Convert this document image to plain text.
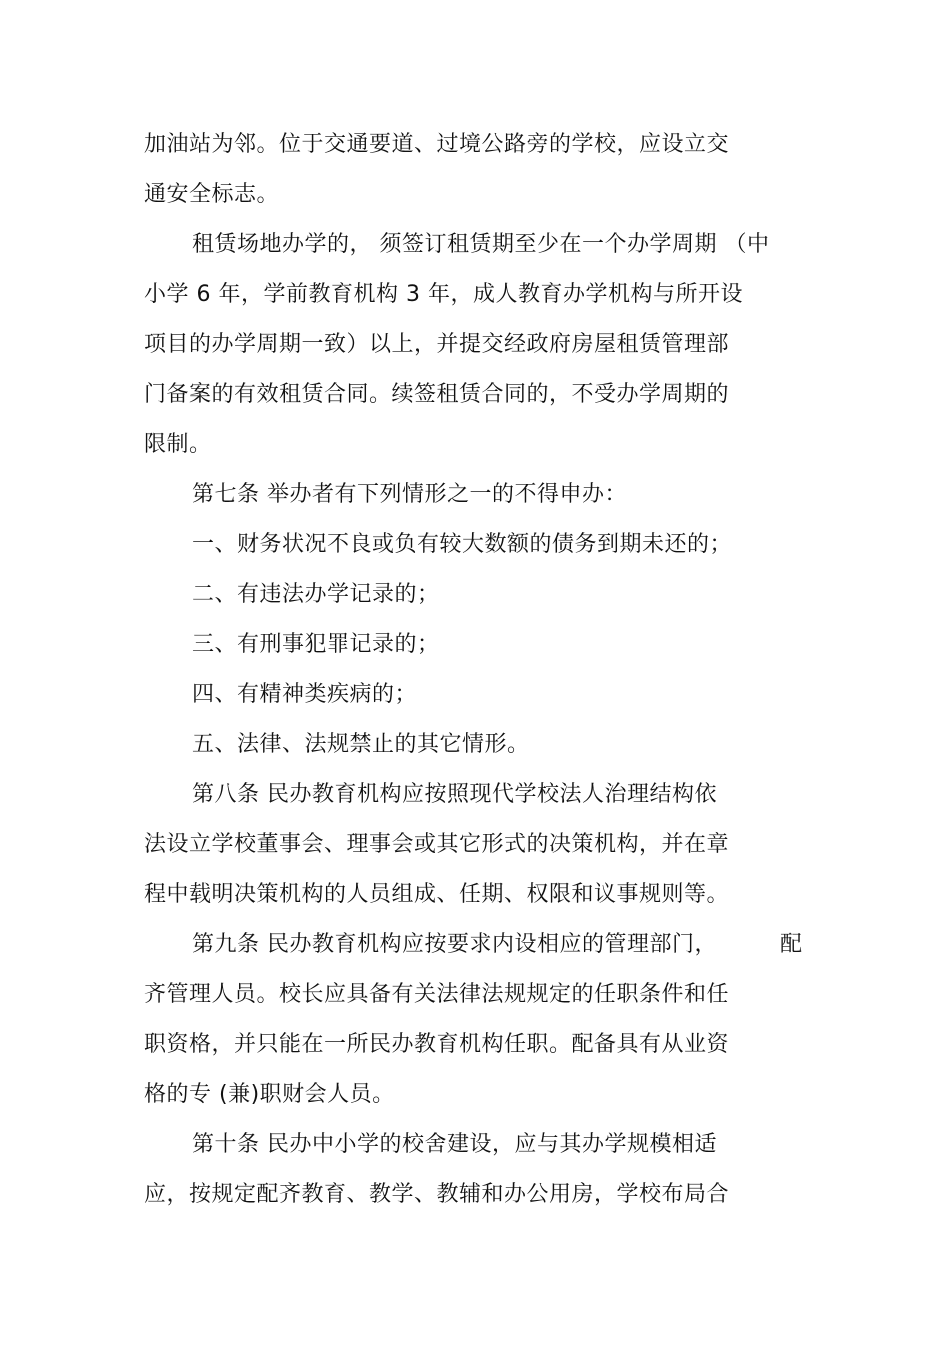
加油站为邻。位于交通要道、过境公路旁的学校，应设立交
通安全标志。
租赁场地办学的， 须签订租赁期至少在一个办学周期 （中
小学 6 年，学前教育机构 3 年，成人教育办学机构与所开设
项目的办学周期一致）以上，并提交经政府房屋租赁管理部
门备案的有效租赁合同。续签租赁合同的，不受办学周期的
限制。
第七条 举办者有下列情形之一的不得申办：
一、财务状况不良或负有较大数额的债务到期未还的；
二、有违法办学记录的；
三、有刑事犯罪记录的；
四、有精神类疾病的；
五、法律、法规禁止的其它情形。
第八条 民办教育机构应按照现代学校法人治理结构依
法设立学校董事会、理事会或其它形式的决策机构，并在章
程中载明决策机构的人员组成、任期、权限和议事规则等。
第九条 民办教育机构应按要求内设相应的管理部门，	配
齐管理人员。校长应具备有关法律法规规定的任职条件和任
职资格，并只能在一所民办教育机构任职。配备具有从业资
格的专 (兼)职财会人员。
第十条 民办中小学的校舍建设，应与其办学规模相适
应，按规定配齐教育、教学、教辅和办公用房，学校布局合
